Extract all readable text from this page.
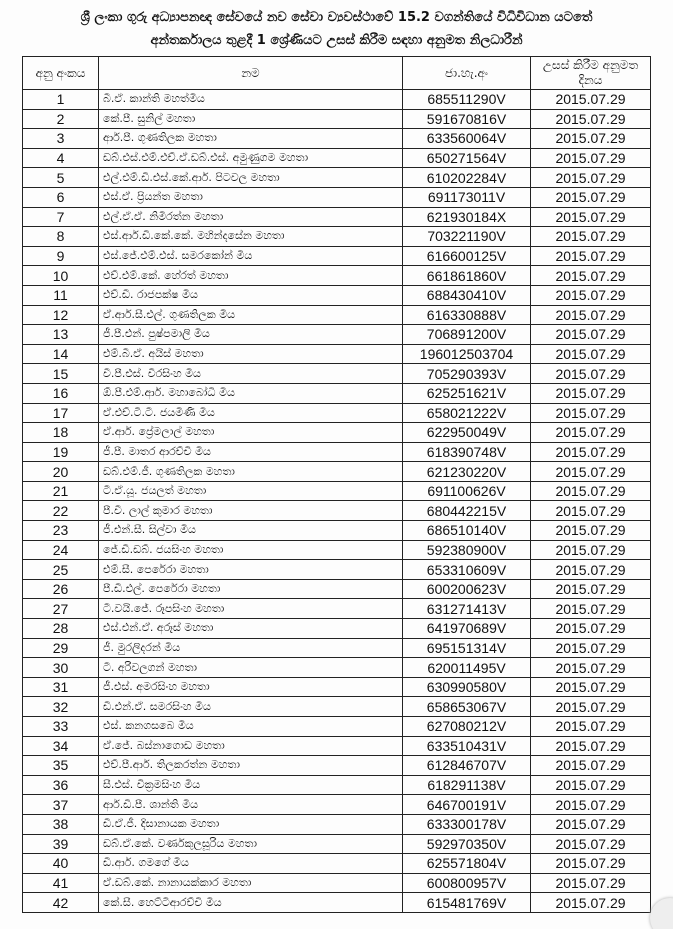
ශ්‍රී ලංකා ගුරු අධ්‍යාපනඥ සේවයේ නව සේවා ව්‍යවස්ථාවේ 15.2 වගන්තියේ විධිවිධාන යටතේ
අන්තර්කාලය තුළදී 1 ශ්‍රේණියට උසස් කිරීම සඳහා අනුමත නිලධාරීන්
අනු අංකය	නම	ජා.හැ.අං	උසස් කිරීම අනුමත දිනය
1	බී.ඒ. කාන්ති මහත්මිය	685511290V	2015.07.29
2	කේ.පී. සුනිල් මහතා	591670816V	2015.07.29
3	ආර්.පී. ගුණතිලක මහතා	633560064V	2015.07.29
4	ඩබ්.එස්.එම්.එච්.ඒ.ඩබ්.එස්. අමුණුගම මහතා	650271564V	2015.07.29
5	එල්.එම්.ඩී.එස්.කේ.ආර්. පිටවල මහතා	610202284V	2015.07.29
6	එස්.ඒ. ප්‍රියන්ත මහතා	691173011V	2015.07.29
7	එල්.ඒ.ඒ. නිමිරත්න මහතා	621930184X	2015.07.29
8	එස්.ආර්.ඩී.කේ.කේ. මහින්දසේන මහතා	703221190V	2015.07.29
9	එස්.ජේ.එම්.එස්. සමරකෝන් මිය	616600125V	2015.07.29
10	එච්.එම්.කේ. හේරත් මහතා	661861860V	2015.07.29
11	එච්.ඩී. රාජපක්ෂ මිය	688430410V	2015.07.29
12	ඒ.ආර්.සී.එල්. ගුණතිලක මිය	616330888V	2015.07.29
13	ජී.පී.එන්. පුෂ්පමාලි මිය	706891200V	2015.07.29
14	එම්.බී.ඒ. අයිස් මහතා	196012503704	2015.07.29
15	වී.පී.එස්. වීරසිංහ මිය	705290393V	2015.07.29
16	ඕ.පී.එම්.ආර්. මහාබෝධි මිය	625251621V	2015.07.29
17	ඒ.එච්.ටී.ටී. ජයමිණි මිය	658021222V	2015.07.29
18	ඒ.ආර්. ප්‍රේමලාල් මහතා	622950049V	2015.07.29
19	ජී.පී. මාතර ආරච්චි මිය	618390748V	2015.07.29
20	ඩබ්.එම්.ජී. ගුණතිලක මහතා	621230220V	2015.07.29
21	ටී.ඒ.යූ. ජයලත් මහතා	691100626V	2015.07.29
22	පී.වී. ලාල් කුමාර මහතා	680442215V	2015.07.29
23	ජී.එන්.සී. සිල්වා මිය	686510140V	2015.07.29
24	ජේ.ඩී.ඩබ්. ජයසිංහ මහතා	592380900V	2015.07.29
25	එම්.සී. පෙරේරා මහතා	653310609V	2015.07.29
26	පී.ඩී.එල්. පෙරේරා මහතා	600200623V	2015.07.29
27	ටී.වයි.ජේ. රූපසිංහ මහතා	631271413V	2015.07.29
28	එස්.එන්.ඒ. අරූස් මහතා	641970689V	2015.07.29
29	ජී. මුරලිදරන් මිය	695151314V	2015.07.29
30	ටී. අරිවලගන් මහතා	620011495V	2015.07.29
31	ජී.එස්. අමරසිංහ මහතා	630990580V	2015.07.29
32	ඩී.එන්.ඒ. සමරසිංහ මිය	658653067V	2015.07.29
33	එස්. කනගසබෙ මිය	627080212V	2015.07.29
34	ඒ.ජේ. බස්නාගොඩ මහතා	633510431V	2015.07.29
35	එච්.පී.ආර්. තිලකරත්න මහතා	612846707V	2015.07.29
36	සී.එස්. වික්‍රමසිංහ මිය	618291138V	2015.07.29
37	ආර්.ඩී.පී. ශාන්ති මිය	646700191V	2015.07.29
38	ඩී.ඒ.ජී. දිසානායක මහතා	633300178V	2015.07.29
39	ඩබ්.ඒ.කේ. වර්ණකුලසූරිය මහතා	592970350V	2015.07.29
40	ඩී.ආර්. ගමගේ මිය	625571804V	2015.07.29
41	ඒ.ඩබ්.කේ. නානායක්කාර මහතා	600800957V	2015.07.29
42	කේ.සී. හෙට්ටිආරච්චි මිය	615481769V	2015.07.29
